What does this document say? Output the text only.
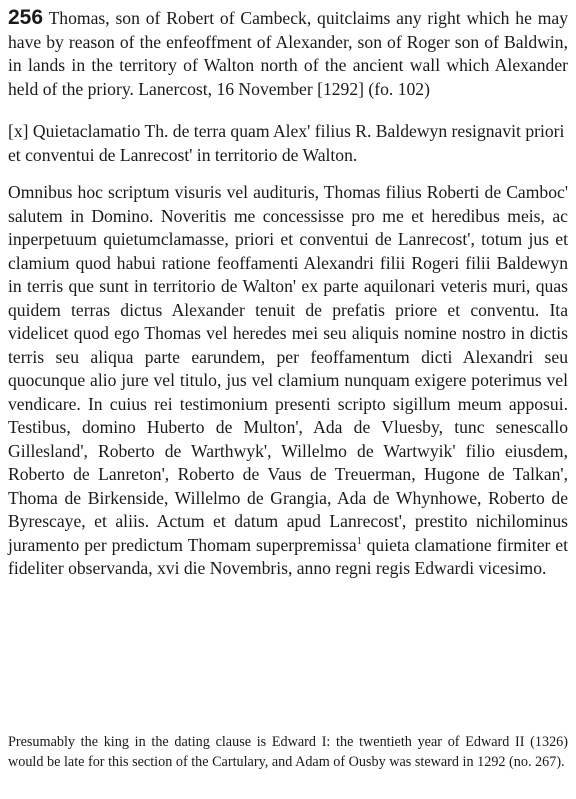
256 Thomas, son of Robert of Cambeck, quitclaims any right which he may have by reason of the enfeoffment of Alexander, son of Roger son of Baldwin, in lands in the territory of Walton north of the ancient wall which Alexander held of the priory. Lanercost, 16 November [1292] (fo. 102)

[x] Quietaclamatio Th. de terra quam Alex' filius R. Baldewyn resignavit priori et conventui de Lanrecost' in territorio de Walton.

Omnibus hoc scriptum visuris vel audituris, Thomas filius Roberti de Camboc' salutem in Domino. Noveritis me concessisse pro me et heredibus meis, ac inperpetuum quietumclamasse, priori et conventui de Lanrecost', totum jus et clamium quod habui ratione feoffamenti Alexandri filii Rogeri filii Baldewyn in terris que sunt in territorio de Walton' ex parte aquilonari veteris muri, quas quidem terras dictus Alexander tenuit de prefatis priore et conventu. Ita videlicet quod ego Thomas vel heredes mei seu aliquis nomine nostro in dictis terris seu aliqua parte earundem, per feoffamentum dicti Alexandri seu quocunque alio jure vel titulo, jus vel clamium nunquam exigere poterimus vel vendicare. In cuius rei testimonium presenti scripto sigillum meum apposui. Testibus, domino Huberto de Multon', Ada de Vluesby, tunc senescallo Gillesland', Roberto de Warthwyk', Willelmo de Wartwyik' filio eiusdem, Roberto de Lanreton', Roberto de Vaus de Treuerman, Hugone de Talkan', Thoma de Birkenside, Willelmo de Grangia, Ada de Whynhowe, Roberto de Byrescaye, et aliis. Actum et datum apud Lanrecost', prestito nichilominus juramento per predictum Thomam superpremissa$^1$ quieta clamatione firmiter et fideliter observanda, xvi die Novembris, anno regni regis Edwardi vicesimo.

Presumably the king in the dating clause is Edward I: the twentieth year of Edward II (1326) would be late for this section of the Cartulary, and Adam of Ousby was steward in 1292 (no. 267).
